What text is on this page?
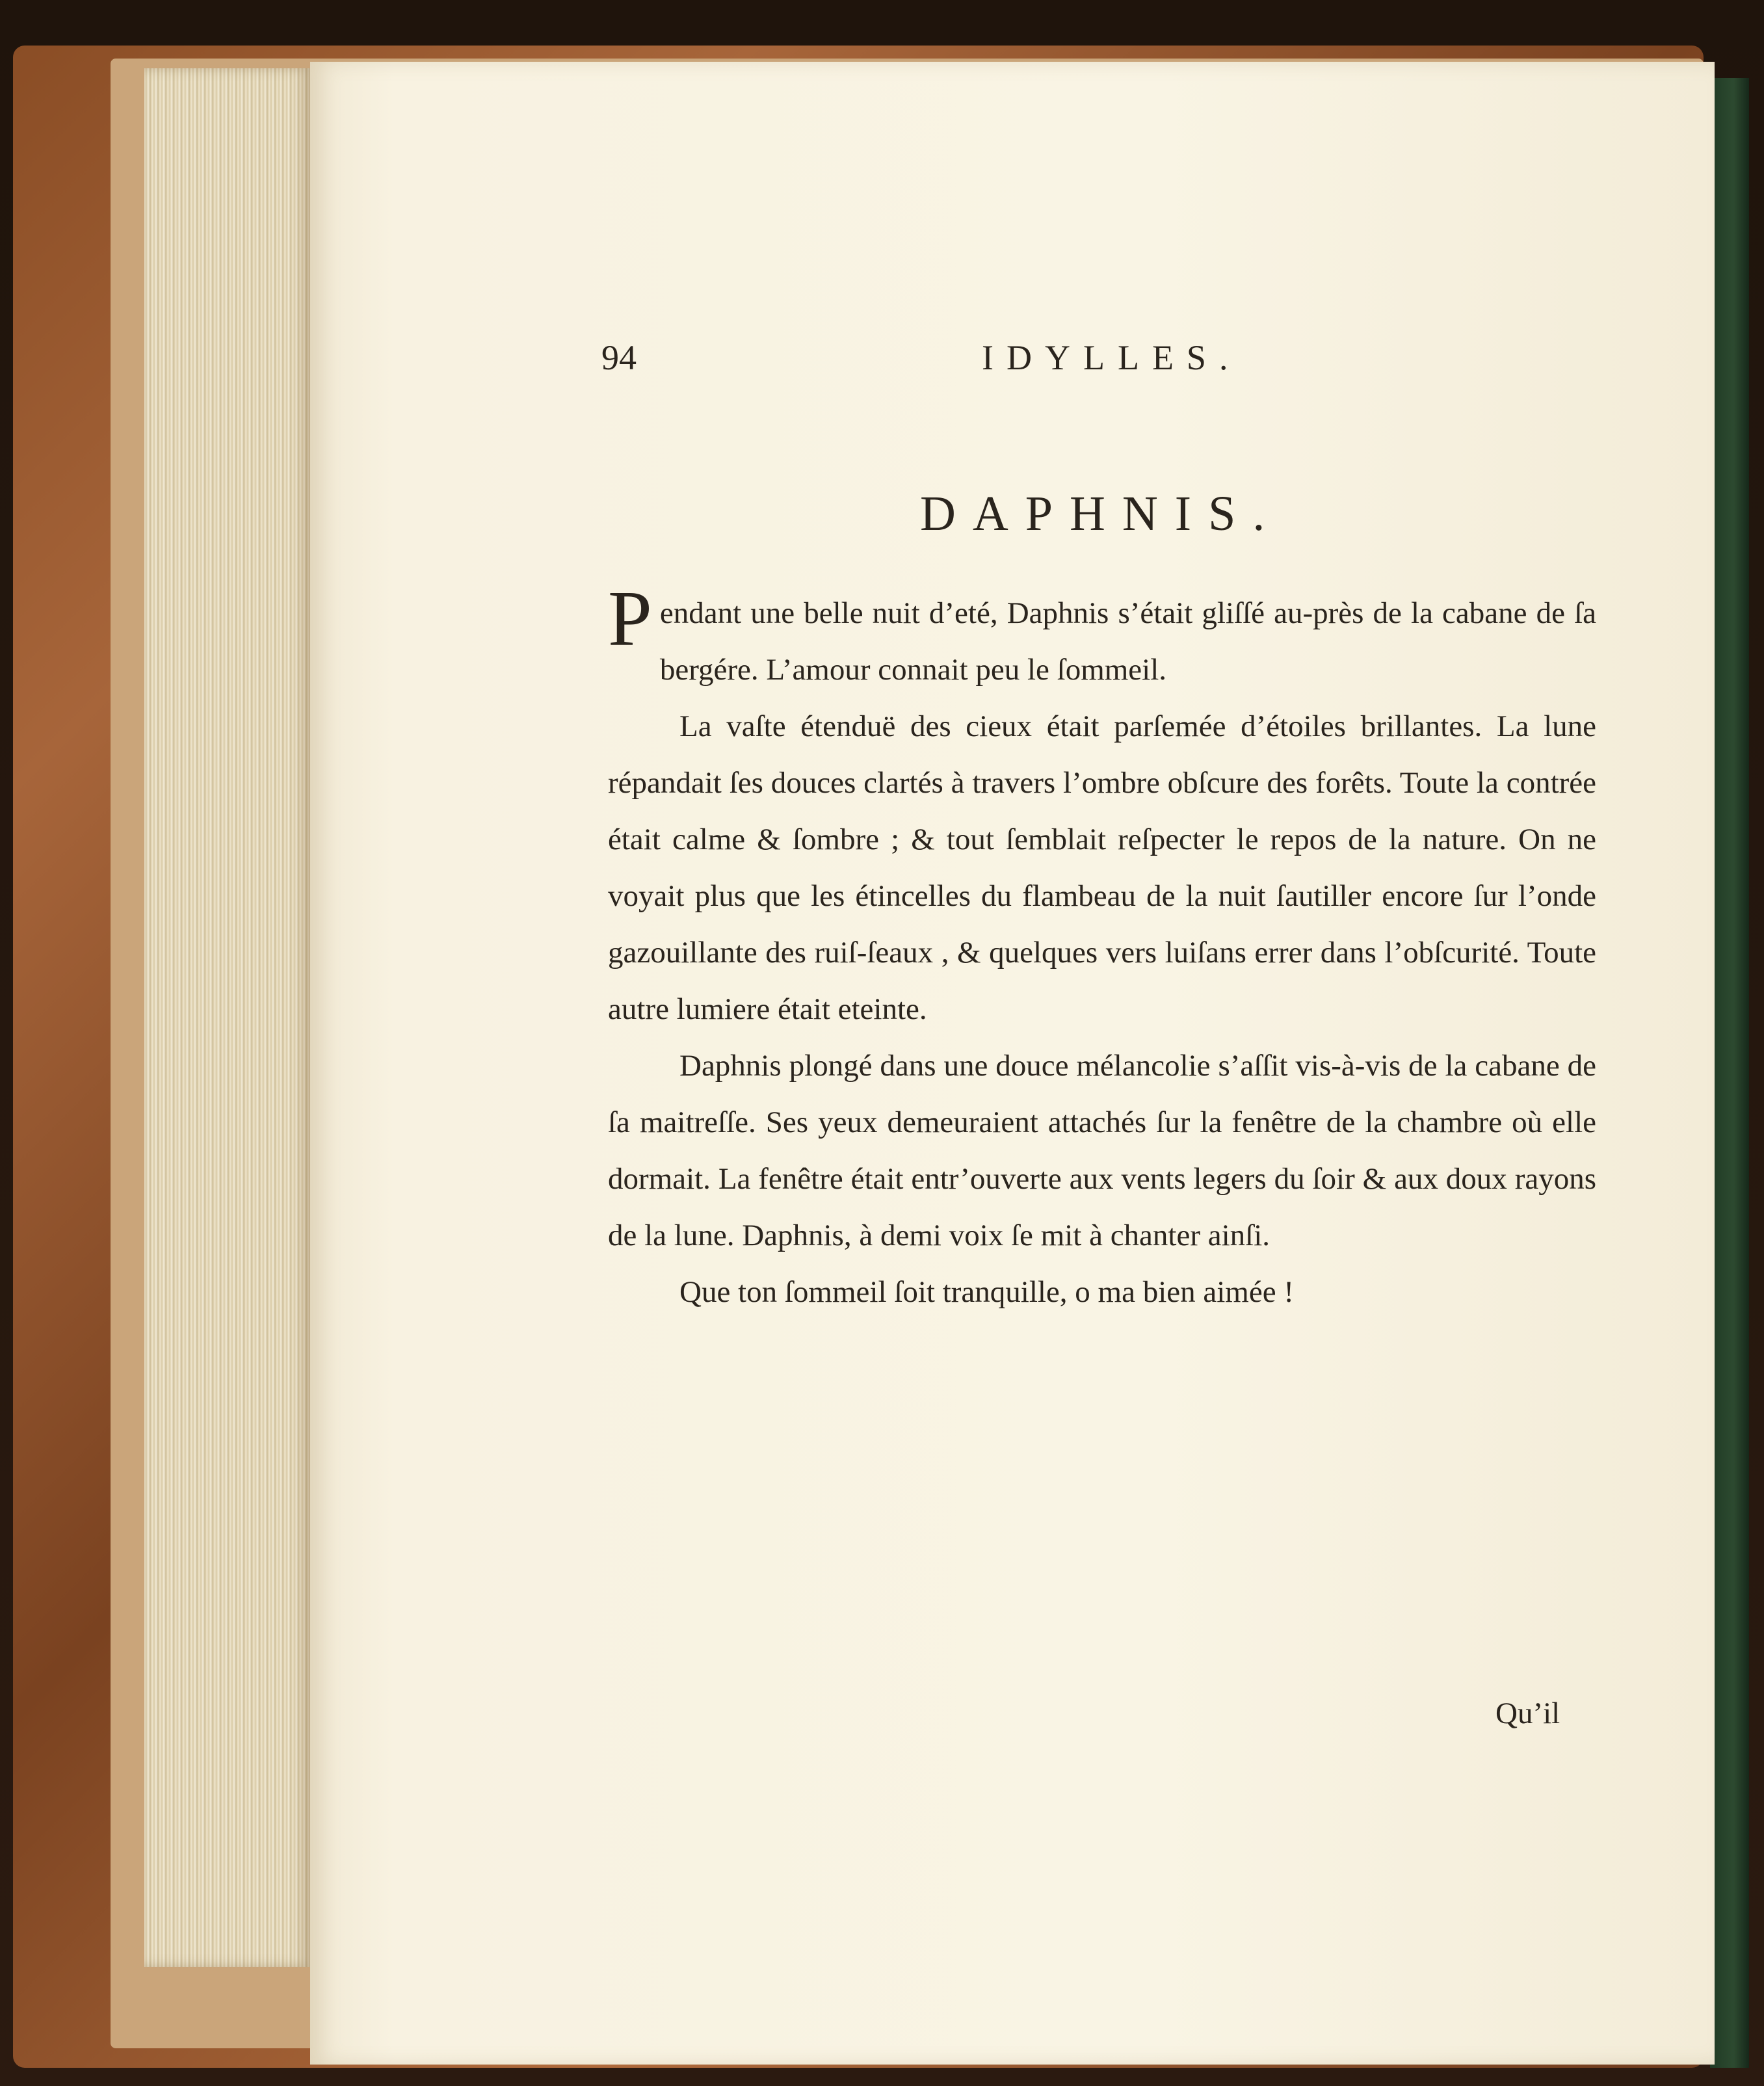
94	IDYLLES.
DAPHNIS.

Pendant une belle nuit d’eté, Daphnis s’était gliſſé au-près de la cabane de ſa bergére. L’amour connait peu le ſommeil.

La vaſte étenduë des cieux était parſemée d’étoiles brillantes. La lune répandait ſes douces clartés à travers l’ombre obſcure des forêts. Toute la contrée était calme & ſombre ; & tout ſemblait reſpecter le repos de la nature. On ne voyait plus que les étincelles du flambeau de la nuit ſautiller encore ſur l’onde gazouillante des ruiſ-ſeaux , & quelques vers luiſans errer dans l’obſcurité. Toute autre lumiere était eteinte.

Daphnis plongé dans une douce mélancolie s’aſſit vis-à-vis de la cabane de ſa maitreſſe. Ses yeux demeuraient attachés ſur la fenêtre de la chambre où elle dormait. La fenêtre était entr’ouverte aux vents legers du ſoir & aux doux rayons de la lune. Daphnis, à demi voix ſe mit à chanter ainſi.

Que ton ſommeil ſoit tranquille, o ma bien aimée !

Qu’il
